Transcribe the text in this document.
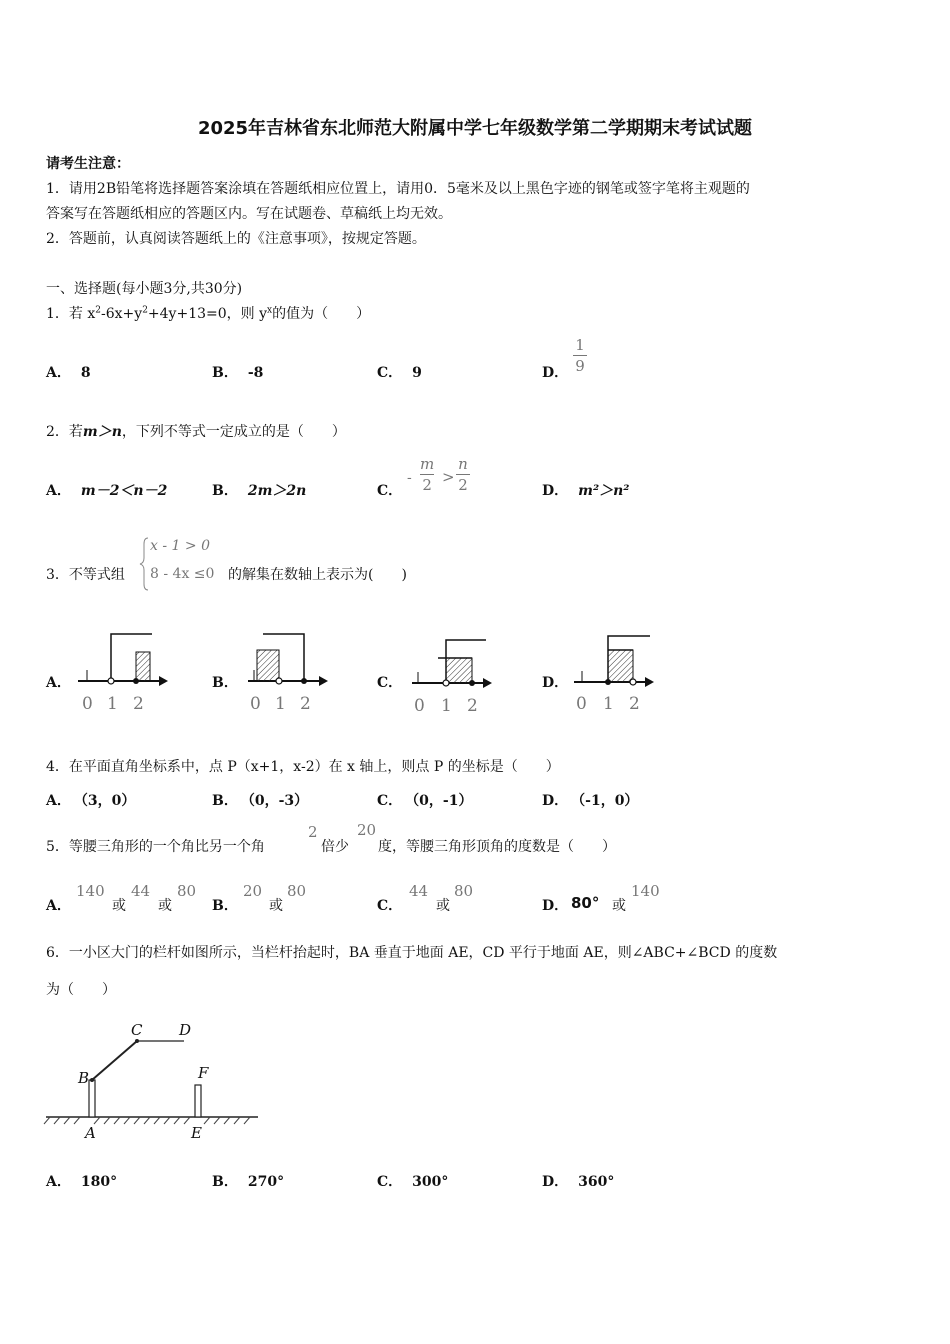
2025年吉林省东北师范大附属中学七年级数学第二学期期末考试试题
请考生注意：
1．请用2B铅笔将选择题答案涂填在答题纸相应位置上，请用0．5毫米及以上黑色字迹的钢笔或签字笔将主观题的
答案写在答题纸相应的答题区内。写在试题卷、草稿纸上均无效。
2．答题前，认真阅读答题纸上的《注意事项》，按规定答题。
一、选择题(每小题3分,共30分)
1．若 $x^2-6x+y^2+4y+13=0$，则 $y^x$的值为（　　）
A． 8	B． -8	C． 9	D．
1
9
2．若m＞n，下列不等式一定成立的是（　　）
A． m－2＜n－2	B． 2m＞2n	C．
-
m
2 >
n
2	D． m²＞n²
3．不等式组
x - 1 > 0
8 - 4x ≤0 的解集在数轴上表示为(　　)
A．	B．	C．	D．
0 1 2	0 1 2	0 1 2	0 1 2
4．在平面直角坐标系中，点 P（x+1，x-2）在 x 轴上，则点 P 的坐标是（　　）
A． （3，0）	B． （0，-3）	C． （0，-1）	D． （-1，0）
5．等腰三角形的一个角比另一个角
2
倍少
20
度，等腰三角形顶角的度数是（　　）
A．
140
或
44
或
80
B．
20
或
80
C．
44
或
80
D． 80° 或
140
6．一小区大门的栏杆如图所示，当栏杆抬起时，BA 垂直于地面 AE，CD 平行于地面 AE，则∠ABC+∠BCD 的度数
为（　　）
C D
B	F
A	E
A． 180°	B． 270°	C． 300°	D． 360°
